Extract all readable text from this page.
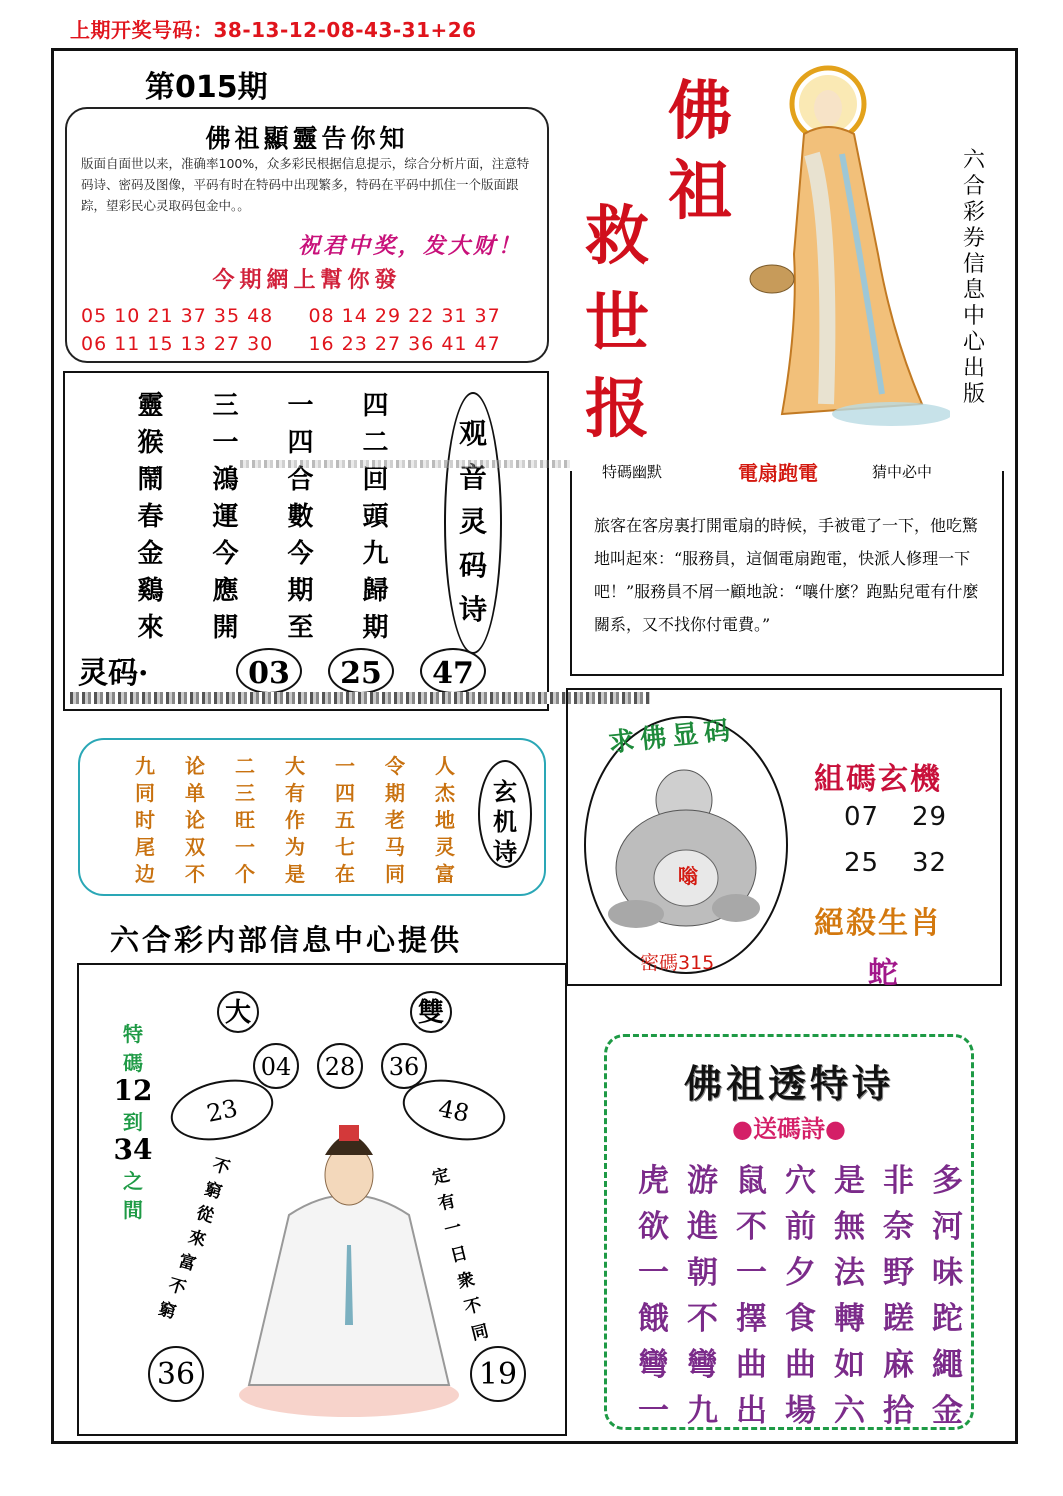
上期开奖号码：38-13-12-08-43-31+26
第015期
佛祖顯靈告你知
版面自面世以来，准确率100%，众多彩民根据信息提示，综合分析片面，注意特码诗、密码及图像，平码有时在特码中出现繁多，特码在平码中抓住一个版面跟踪，望彩民心灵取码包金中。。
祝君中奖，发大财！
今期網上幫你發
05 10 21 37 35 48     08 14 29 22 31 37
06 11 15 13 27 30     16 23 27 36 41 47
佛
祖
救
世
报
六合彩券信息中心出版
靈	三	一	四
猴	一	四	二
鬧	鴻	合	回
春	運	數	頭
金	今	今	九
鷄	應	期	歸
來	開	至	期
观
音
灵
码
诗
灵码·	03	25	47
特碼幽默	電扇跑電	猜中必中
旅客在客房裏打開電扇的時候，手被電了一下，他吃驚地叫起來：“服務員，這個電扇跑電，快派人修理一下吧！”服務員不屑一顧地說：“嚷什麼？跑點兒電有什麼關系，又不找你付電費。”
九	论	二	大	一	令	人
同	单	三	有	四	期	杰
时	论	旺	作	五	老	地
尾	双	一	为	七	马	灵
边	不	个	是	在	同	富
玄
机
诗
六合彩内部信息中心提供
求佛显码
嗡
密碼315
組碼玄機
07 29
25 32
絕殺生肖
蛇
大	雙
04	28	36
23	48
特
碼
12
到
34
之
間
不
窮
從
來
富
不
窮
定
有
一
日
衆
不
同
36	19
佛祖透特诗
●送碼詩●
虎 游 鼠 穴 是 非 多
欲 進 不 前 無 奈 河
一 朝 一 夕 法 野 味
餓 不 擇 食 轉 蹉 跎
彎 彎 曲 曲 如 麻 繩
一 九 出 場 六 拾 金
